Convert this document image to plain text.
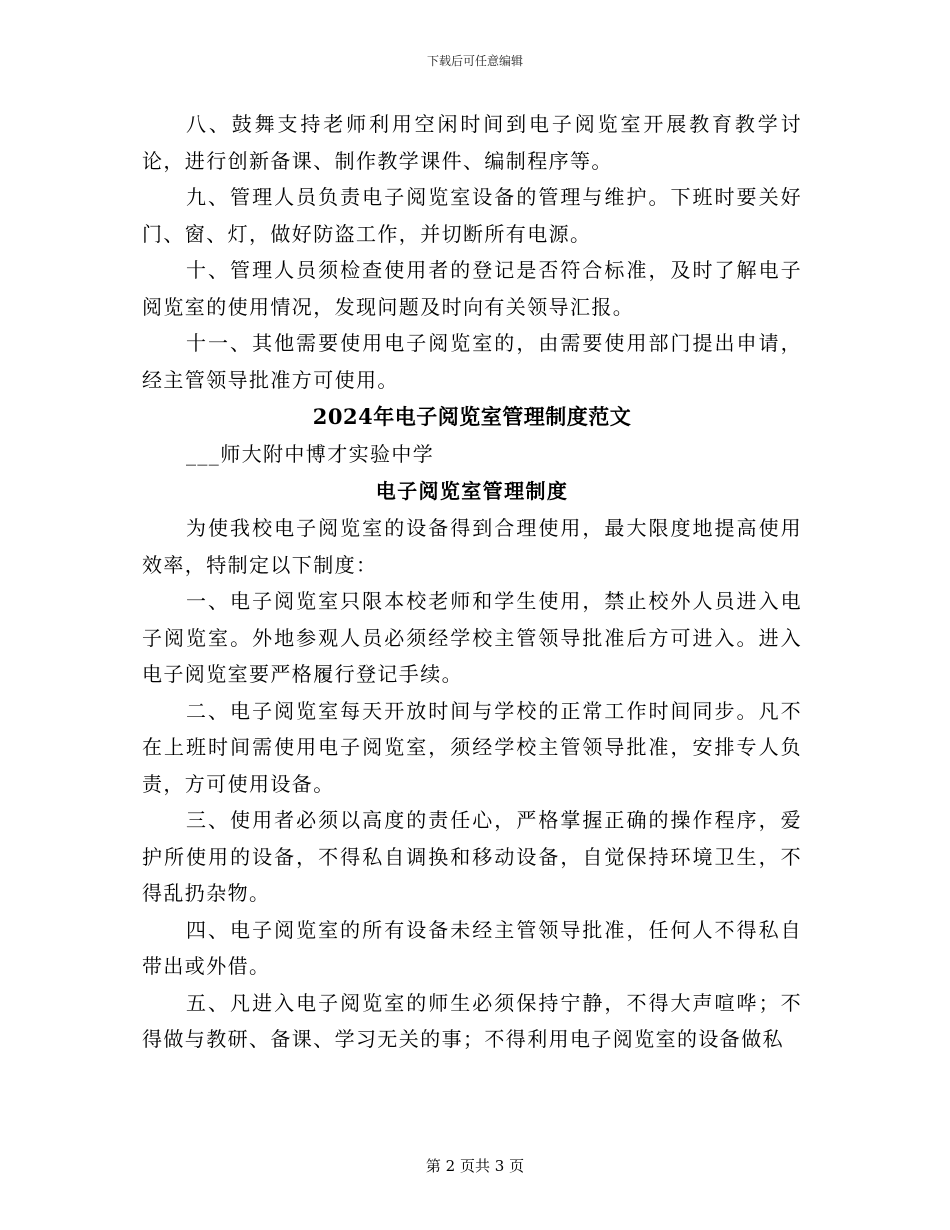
下载后可任意编辑

八、鼓舞支持老师利用空闲时间到电子阅览室开展教育教学讨论，进行创新备课、制作教学课件、编制程序等。

九、管理人员负责电子阅览室设备的管理与维护。下班时要关好门、窗、灯，做好防盗工作，并切断所有电源。

十、管理人员须检查使用者的登记是否符合标准，及时了解电子阅览室的使用情况，发现问题及时向有关领导汇报。

十一、其他需要使用电子阅览室的，由需要使用部门提出申请，经主管领导批准方可使用。

2024年电子阅览室管理制度范文

___师大附中博才实验中学

电子阅览室管理制度

为使我校电子阅览室的设备得到合理使用，最大限度地提高使用效率，特制定以下制度：

一、电子阅览室只限本校老师和学生使用，禁止校外人员进入电子阅览室。外地参观人员必须经学校主管领导批准后方可进入。进入电子阅览室要严格履行登记手续。

二、电子阅览室每天开放时间与学校的正常工作时间同步。凡不在上班时间需使用电子阅览室，须经学校主管领导批准，安排专人负责，方可使用设备。

三、使用者必须以高度的责任心，严格掌握正确的操作程序，爱护所使用的设备，不得私自调换和移动设备，自觉保持环境卫生，不得乱扔杂物。

四、电子阅览室的所有设备未经主管领导批准，任何人不得私自带出或外借。

五、凡进入电子阅览室的师生必须保持宁静，不得大声喧哗；不得做与教研、备课、学习无关的事；不得利用电子阅览室的设备做私

第 2 页共 3 页
